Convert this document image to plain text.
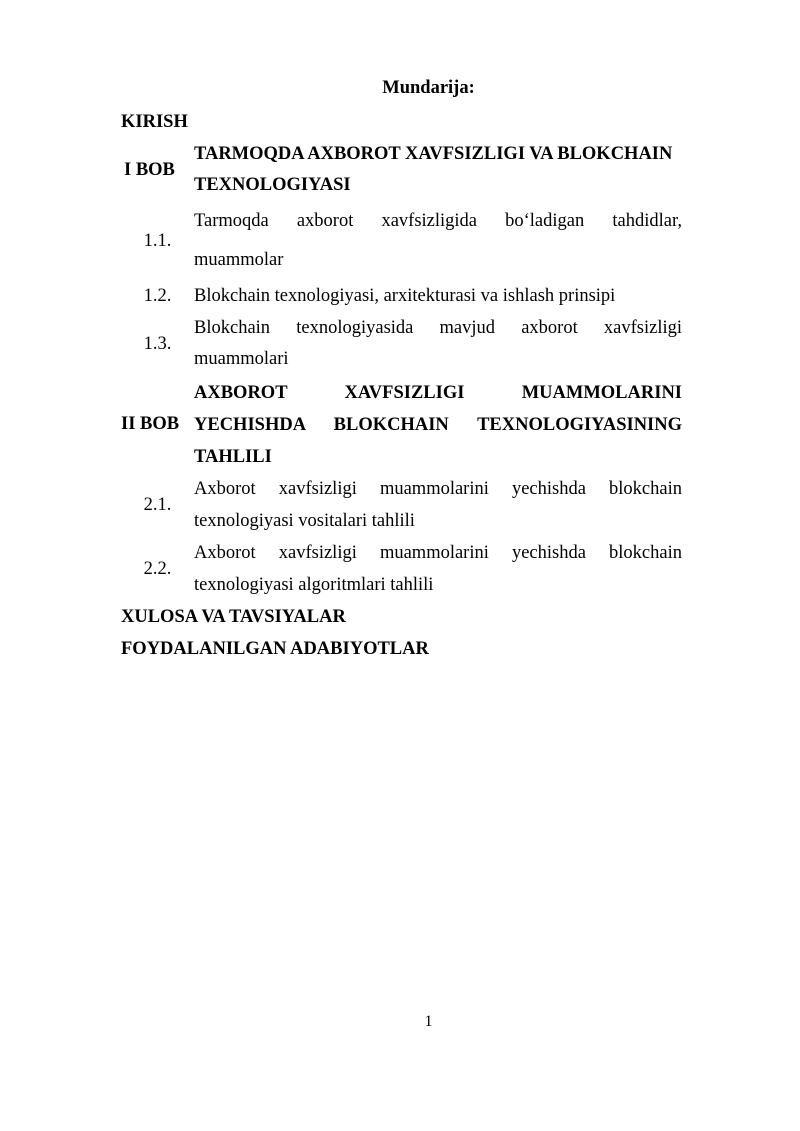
Mundarija:
KIRISH
I BOB
TARMOQDA AXBOROT XAVFSIZLIGI VA BLOKCHAIN
TEXNOLOGIYASI
1.1.
Tarmoqda axborot xavfsizligida bo‘ladigan tahdidlar,
muammolar
1.2.	Blokchain texnologiyasi, arxitekturasi va ishlash prinsipi
1.3.
Blokchain texnologiyasida mavjud axborot xavfsizligi
muammolari
II BOB
AXBOROT XAVFSIZLIGI MUAMMOLARINI
YECHISHDA BLOKCHAIN TEXNOLOGIYASINING
TAHLILI
2.1.
Axborot xavfsizligi muammolarini yechishda blokchain
texnologiyasi vositalari tahlili
2.2.
Axborot xavfsizligi muammolarini yechishda blokchain
texnologiyasi algoritmlari tahlili
XULOSA VA TAVSIYALAR
FOYDALANILGAN ADABIYOTLAR
1
